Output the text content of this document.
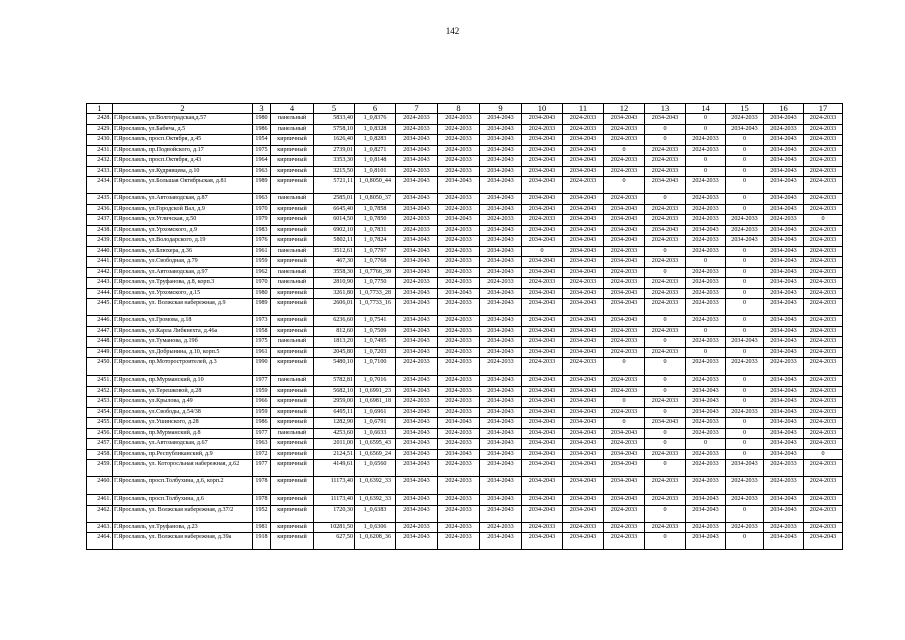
142
1	2	3	4	5	6	7	8	9	10	11	12	13	14	15	16	17
2428.	Г.Ярославль, ул.Волгоградская,д.57	1980	панельный	5833,40	1_0,8376	2024-2033	2024-2033	2034-2043	2034-2043	2024-2033	2034-2043	2034-2043	0	2024-2033	2034-2043	2024-2033
2429.	Г.Ярославль, ул.Бабича, д.5	1986	панельный	5758,10	1_0,8328	2024-2033	2024-2033	2034-2043	2024-2033	2024-2033	2024-2033	0	0	2034-2043	2024-2033	2024-2033
2430.	Г.Ярославль, просп.Октября, д.45	1954	кирпичный	1626,40	1_0,8283	2034-2043	2024-2033	2034-2043	2034-2043	2034-2043	2024-2033	0	2024-2033	0	2034-2043	2024-2033
2431.	Г.Ярославль, пр.Подвойского, д.17	1975	кирпичный	2739,01	1_0,8271	2034-2043	2024-2033	2034-2043	2034-2043	2034-2043	0	2024-2033	2024-2033	0	2034-2043	2024-2033
2432.	Г.Ярославль, просп.Октября, д.43	1964	кирпичный	3353,30	1_0,8148	2034-2043	2024-2033	2034-2043	2034-2043	2034-2043	2024-2033	2024-2033	0	0	2034-2043	2024-2033
2433.	Г.Ярославль, ул.Кудрявцева, д.10	1963	кирпичный	3215,50	1_0,8101	2024-2033	2024-2033	2034-2043	2034-2043	2034-2043	2024-2033	2024-2033	0	0	2034-2043	2024-2033
2434.	Г.Ярославль, ул.Большая Октябрьская, д.81	1989	кирпичный	5721,11	1_0,8050_44	2034-2043	2034-2043	2034-2043	2034-2043	2024-2033	0	2034-2043	2024-2033	0	2034-2043	2024-2033
2435.	Г.Ярославль, ул.Автозаводская, д.87	1963	панельный	2585,01	1_0,8050_37	2034-2043	2024-2033	2034-2043	2034-2043	2034-2043	2024-2033	0	2024-2033	0	2034-2043	2024-2033
2436.	Г.Ярославль, ул.Городской Вал, д.9	1970	кирпичный	6645,40	1_0,7858	2034-2043	2024-2033	2034-2043	2034-2043	2034-2043	2034-2043	2024-2033	2024-2033	0	2034-2043	2024-2033
2437.	Г.Ярославль, ул.Угличская, д.50	1979	кирпичный	6014,50	1_0,7850	2024-2033	2034-2043	2024-2033	2024-2033	2034-2043	2034-2043	2024-2033	2024-2033	2024-2033	2024-2033	0
2438.	Г.Ярославль, ул.Урхомского, д.9	1983	кирпичный	6902,10	1_0,7831	2024-2033	2024-2033	2034-2043	2034-2043	2034-2043	2034-2043	2034-2043	2034-2043	2024-2033	2034-2043	2024-2033
2439.	Г.Ярославль, ул.Володарского, д.19	1976	кирпичный	5802,11	1_0,7824	2034-2043	2024-2033	2034-2043	2034-2043	2034-2043	2034-2043	2024-2033	2024-2033	2034-2043	2034-2043	2024-2033
2440.	Г.Ярославль, ул.Блюхера, д.36	1961	панельный	3512,61	1_0,7797	2034-2043	2024-2033	2034-2043	0	2034-2043	2024-2033	0	2024-2033	0	2034-2043	2024-2033
2441.	Г.Ярославль, ул.Свободная, д.79	1959	кирпичный	467,30	1_0,7768	2034-2043	2024-2033	2034-2043	2034-2043	2034-2043	2034-2043	2024-2033	0	0	2034-2043	2024-2033
2442.	Г.Ярославль, ул.Автозаводская, д.97	1962	панельный	3558,30	1_0,7766_39	2034-2043	2024-2033	2034-2043	2034-2043	2034-2043	2024-2033	0	2024-2033	0	2034-2043	2024-2033
2443.	Г.Ярославль, ул.Труфанова, д.8, корп.3	1970	панельный	2810,90	1_0,7750	2024-2033	2024-2033	2024-2033	2024-2033	2024-2033	2024-2033	2024-2033	2024-2033	0	2034-2043	2024-2033
2444.	Г.Ярославль, ул.Урхомского, д.15	1980	кирпичный	3261,80	1_0,7733_28	2034-2043	2034-2043	2034-2043	2034-2043	2034-2043	2034-2043	2024-2033	2024-2033	0	2034-2043	2024-2033
2445.	Г.Ярославль, ул. Волжская набережная, д.9	1989	кирпичный	2606,01	1_0,7733_16	2034-2043	2024-2033	2034-2043	2034-2043	2034-2043	2034-2043	2024-2033	2024-2033	0	2034-2043	2024-2033
2446.	Г.Ярославль, ул.Громова, д.18	1973	кирпичный	6236,60	1_0,7541	2034-2043	2024-2033	2034-2043	2034-2043	2034-2043	2034-2043	0	2024-2033	0	2034-2043	2024-2033
2447.	Г.Ярославль, ул.Карла Либкнехта, д.46а	1958	кирпичный	812,60	1_0,7509	2034-2043	2024-2033	2034-2043	2034-2043	2034-2043	2024-2033	2024-2033	0	0	2034-2043	2024-2033
2448.	Г.Ярославль, ул.Туманова, д.19б	1975	панельный	1813,20	1_0,7495	2034-2043	2024-2033	2034-2043	2034-2043	2034-2043	2024-2033	0	2024-2033	2034-2043	2034-2043	2024-2033
2449.	Г.Ярославль, ул.Добрынина, д.10, корп.5	1961	кирпичный	2045,80	1_0,7203	2034-2043	2024-2033	2034-2043	2034-2043	2034-2043	2024-2033	2024-2033	0	0	2034-2043	2024-2033
2450.	Г.Ярославль, пр.Моторостроителей, д.3	1990	кирпичный	5480,10	1_0,7100	2024-2033	2024-2033	2024-2033	2024-2033	2024-2033	0	0	2024-2033	2024-2033	2024-2033	2024-2033
2451.	Г.Ярославль, пр.Мурманский, д.10	1977	панельный	5782,81	1_0,7016	2034-2043	2024-2033	2034-2043	2034-2043	2034-2043	2024-2033	0	2024-2033	0	2034-2043	2024-2033
2452.	Г.Ярославль, ул.Терешковой, д.28	1959	кирпичный	5682,10	1_0,6991_23	2034-2043	2024-2033	2034-2043	2034-2043	2034-2043	2024-2033	0	2034-2043	0	2034-2043	2024-2033
2453.	Г.Ярославль, ул.Крылова, д.49	1966	кирпичный	2959,00	1_0,6981_18	2024-2033	2024-2033	2034-2043	2034-2043	2034-2043	0	2024-2033	2034-2043	0	2034-2043	2024-2033
2454.	Г.Ярославль, ул.Свободы, д.54/38	1959	кирпичный	6495,11	1_0,6961	2034-2043	2024-2033	2034-2043	2034-2043	2034-2043	2024-2033	0	2034-2043	2024-2033	2034-2043	2024-2033
2455.	Г.Ярославль, ул.Ушинского, д.28	1986	кирпичный	1282,90	1_0,6791	2034-2043	2034-2043	2034-2043	2034-2043	2034-2043	0	2034-2043	2024-2033	0	2034-2043	2024-2033
2456.	Г.Ярославль, пр.Мурманский, д.8	1977	панельный	4253,60	1_0,6633	2034-2043	2024-2033	2034-2043	2034-2043	2034-2043	2034-2043	0	2024-2033	0	2034-2043	2024-2033
2457.	Г.Ярославль, ул.Автозаводская, д.67	1963	кирпичный	2011,00	1_0,6595_43	2034-2043	2024-2033	2034-2043	2034-2043	2034-2043	2024-2033	0	0	0	2034-2043	2024-2033
2458.	Г.Ярославль, пр.Республиканский, д.9	1972	кирпичный	2124,51	1_0,6569_24	2034-2043	2034-2043	2034-2043	2034-2043	2034-2043	2034-2043	2024-2033	2024-2033	0	2034-2043	0
2459.	Г.Ярославль, ул. Которосльная набережная, д.62	1977	кирпичный	4149,61	1_0,6560	2034-2043	2024-2033	2034-2043	2034-2043	2034-2043	2034-2043	0	2024-2033	2034-2043	2024-2033	2024-2033
2460.	Г.Ярославль, просп.Толбухина, д.6, корп.2	1978	кирпичный	11173,40	1_0,6392_33	2034-2043	2024-2033	2034-2043	2034-2043	2034-2043	2034-2043	2024-2033	2024-2033	2024-2033	2024-2033	2024-2033
2461.	Г.Ярославль, просп.Толбухина, д.6	1978	кирпичный	11173,40	1_0,6392_33	2034-2043	2024-2033	2034-2043	2034-2043	2034-2043	2034-2043	2024-2033	2034-2043	2024-2033	2034-2043	2024-2033
2462.	Г.Ярославль, ул. Волжская набережная, д.37/2	1952	кирпичный	1720,30	1_0,6383	2034-2043	2024-2033	2034-2043	2034-2043	2034-2043	2024-2033	0	2034-2043	0	2034-2043	2024-2033
2463.	Г.Ярославль, ул.Труфанова, д.23	1981	кирпичный	10281,50	1_0,6306	2024-2033	2024-2033	2024-2033	2024-2033	2024-2033	2024-2033	2024-2033	2024-2033	2024-2033	2024-2033	2024-2033
2464.	Г.Ярославль, ул. Волжская набережная, д.39а	1918	кирпичный	627,50	1_0,6208_36	2034-2043	2024-2033	2034-2043	2034-2043	2034-2043	2024-2033	0	2034-2043	0	2034-2043	2034-2043
